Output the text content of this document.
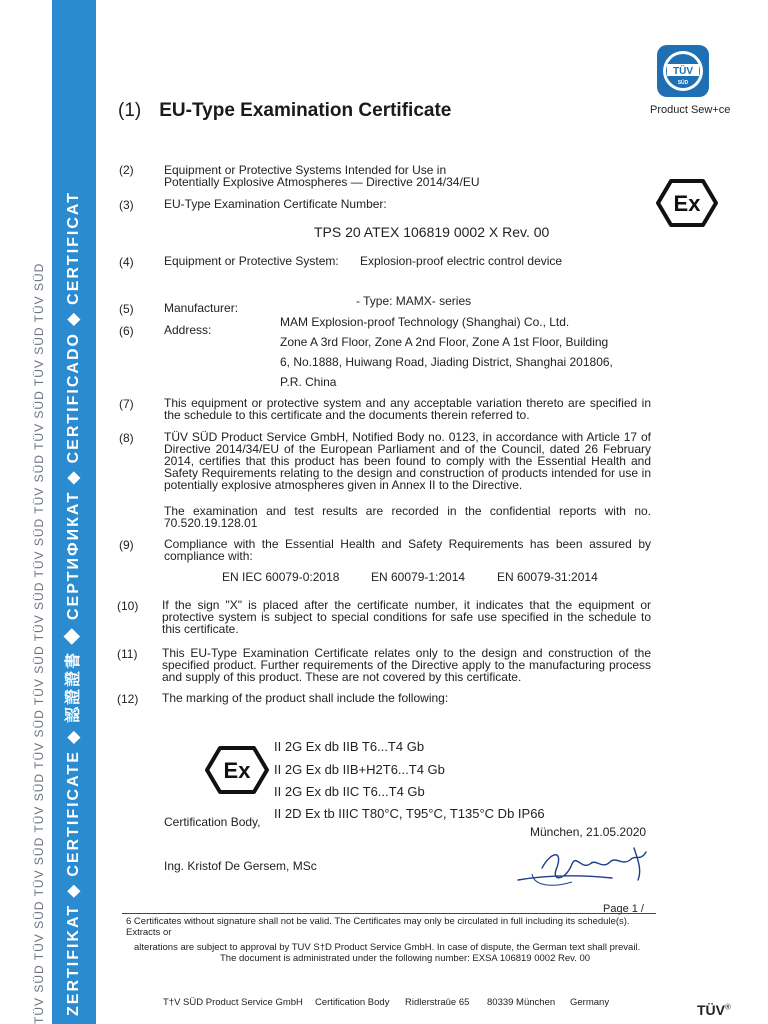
TÜV SÜD TÜV SÜD TÜV SÜD TÜV SÜD TÜV SÜD TÜV SÜD TÜV SÜD TÜV SÜD TÜV SÜD TÜV SÜD TÜV SÜD TÜV SÜD	ZERTIFIKAT ◆ CERTIFICATE ◆ 認證證書 ◆ СЕРТИФИКАТ ◆ CERTIFICADO ◆ CERTIFICAT
(1) EU-Type Examination Certificate
TÜV
SÜD
Product Sew+ce
Ex
(2)	Equipment or Protective Systems Intended for Use in
Potentially Explosive Atmospheres — Directive 2014/34/EU
(3)	EU-Type Examination Certificate Number:
TPS 20 ATEX 106819 0002 X Rev. 00
(4)	Equipment or Protective System: Explosion-proof electric control device
- Type: MAMX- series
(5)	Manufacturer:
MAM Explosion-proof Technology (Shanghai) Co., Ltd.
(6)	Address:
Zone A 3rd Floor, Zone A 2nd Floor, Zone A 1st Floor, Building
6, No.1888, Huiwang Road, Jiading District, Shanghai 201806,
P.R. China
(7)	This equipment or protective system and any acceptable variation thereto are specified in the schedule to this certificate and the documents therein referred to.
(8)	TÜV SÜD Product Service GmbH, Notified Body no. 0123, in accordance with Article 17 of Directive 2014/34/EU of the European Parliament and of the Council, dated 26 February 2014, certifies that this product has been found to comply with the Essential Health and Safety Requirements relating to the design and construction of products intended for use in potentially explosive atmospheres given in Annex II to the Directive.
The examination and test results are recorded in the confidential reports with no. 70.520.19.128.01
(9)	Compliance with the Essential Health and Safety Requirements has been assured by compliance with:
EN IEC 60079-0:2018	EN 60079-1:2014	EN 60079-31:2014
(10) If the sign "X" is placed after the certificate number, it indicates that the equipment or protective system is subject to special conditions for safe use specified in the schedule to this certificate.
(11) This EU-Type Examination Certificate relates only to the design and construction of the specified product. Further requirements of the Directive apply to the manufacturing process and supply of this product. These are not covered by this certificate.
(12) The marking of the product shall include the following:
Ex
II 2G Ex db IIB T6...T4 Gb
II 2G Ex db IIB+H2T6...T4 Gb
II 2G Ex db IIC T6...T4 Gb
II 2D Ex tb IIIC T80°C, T95°C, T135°C Db IP66
Certification Body,
München, 21.05.2020
Ing. Kristof De Gersem, MSc
Page 1 /
6 Certificates without signature shall not be valid. The Certificates may only be circulated in full including its schedule(s). Extracts or
alterations are subject to approval by TUV S†D Product Service GmbH. In case of dispute, the German text shall prevail.
The document is administrated under the following number: EXSA 106819 0002 Rev. 00
T†V SÜD Product Service GmbH Certification Body Ridlerstraûe 65 80339 München Germany	TÜV®
